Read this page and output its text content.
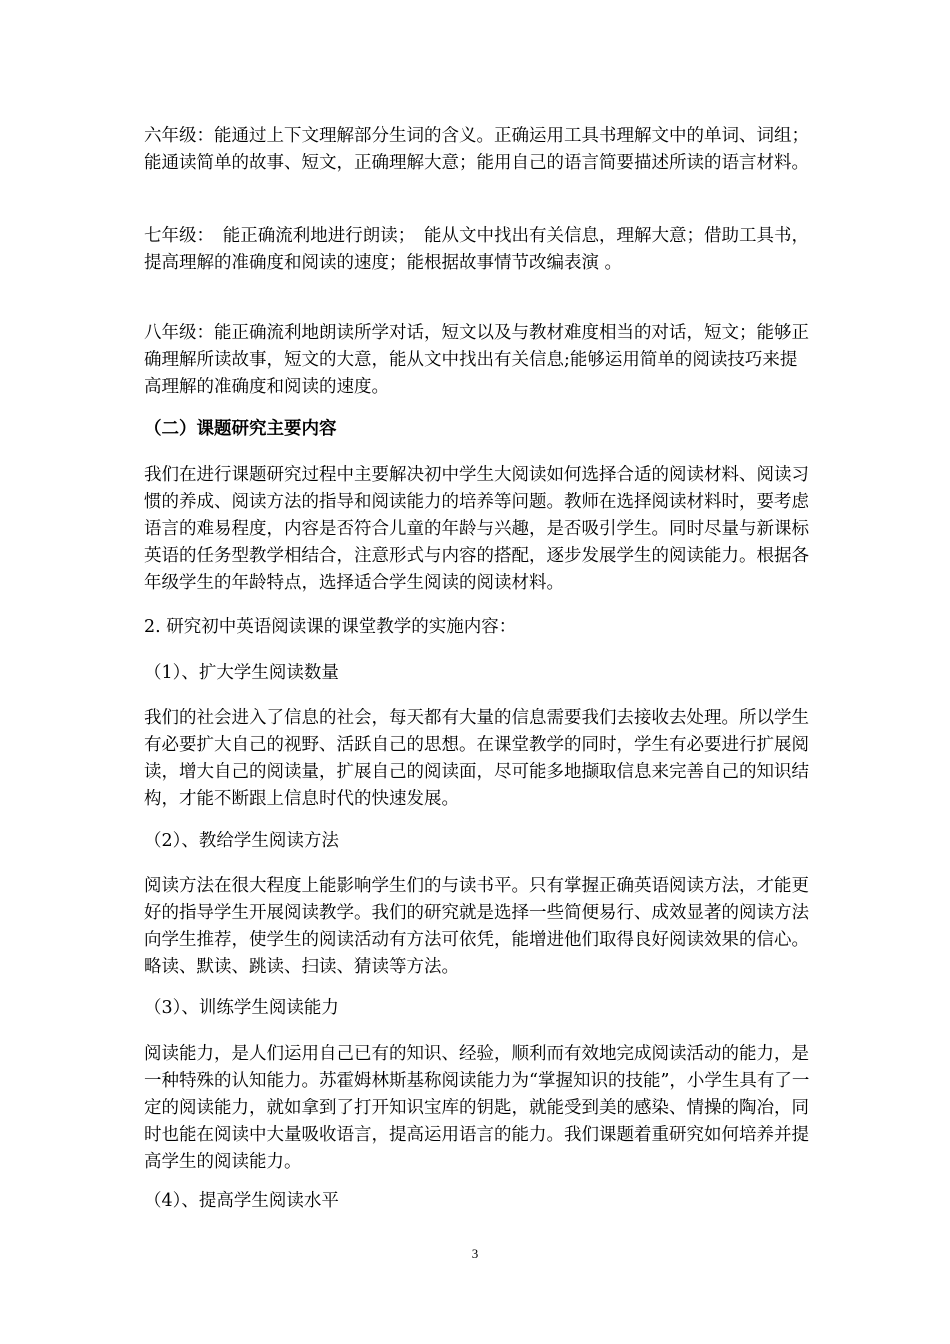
六年级：能通过上下文理解部分生词的含义。正确运用工具书理解文中的单词、词组；能通读简单的故事、短文，正确理解大意；能用自己的语言简要描述所读的语言材料。

七年级：　能正确流利地进行朗读；　能从文中找出有关信息，理解大意；借助工具书，提高理解的准确度和阅读的速度；能根据故事情节改编表演 。

八年级：能正确流利地朗读所学对话，短文以及与教材难度相当的对话，短文；能够正确理解所读故事，短文的大意，能从文中找出有关信息;能够运用简单的阅读技巧来提高理解的准确度和阅读的速度。

（二）课题研究主要内容

我们在进行课题研究过程中主要解决初中学生大阅读如何选择合适的阅读材料、阅读习惯的养成、阅读方法的指导和阅读能力的培养等问题。教师在选择阅读材料时，要考虑语言的难易程度，内容是否符合儿童的年龄与兴趣，是否吸引学生。同时尽量与新课标英语的任务型教学相结合，注意形式与内容的搭配，逐步发展学生的阅读能力。根据各年级学生的年龄特点，选择适合学生阅读的阅读材料。

2. 研究初中英语阅读课的课堂教学的实施内容：

（1）、扩大学生阅读数量

我们的社会进入了信息的社会，每天都有大量的信息需要我们去接收去处理。所以学生有必要扩大自己的视野、活跃自己的思想。在课堂教学的同时，学生有必要进行扩展阅读，增大自己的阅读量，扩展自己的阅读面，尽可能多地撷取信息来完善自己的知识结构，才能不断跟上信息时代的快速发展。

（2）、教给学生阅读方法

阅读方法在很大程度上能影响学生们的与读书平。只有掌握正确英语阅读方法，才能更好的指导学生开展阅读教学。我们的研究就是选择一些简便易行、成效显著的阅读方法向学生推荐，使学生的阅读活动有方法可依凭，能增进他们取得良好阅读效果的信心。略读、默读、跳读、扫读、猜读等方法。

（3）、训练学生阅读能力

阅读能力，是人们运用自己已有的知识、经验，顺利而有效地完成阅读活动的能力，是一种特殊的认知能力。苏霍姆林斯基称阅读能力为“掌握知识的技能”，小学生具有了一定的阅读能力，就如拿到了打开知识宝库的钥匙，就能受到美的感染、情操的陶冶，同时也能在阅读中大量吸收语言，提高运用语言的能力。我们课题着重研究如何培养并提高学生的阅读能力。

（4）、提高学生阅读水平

3
